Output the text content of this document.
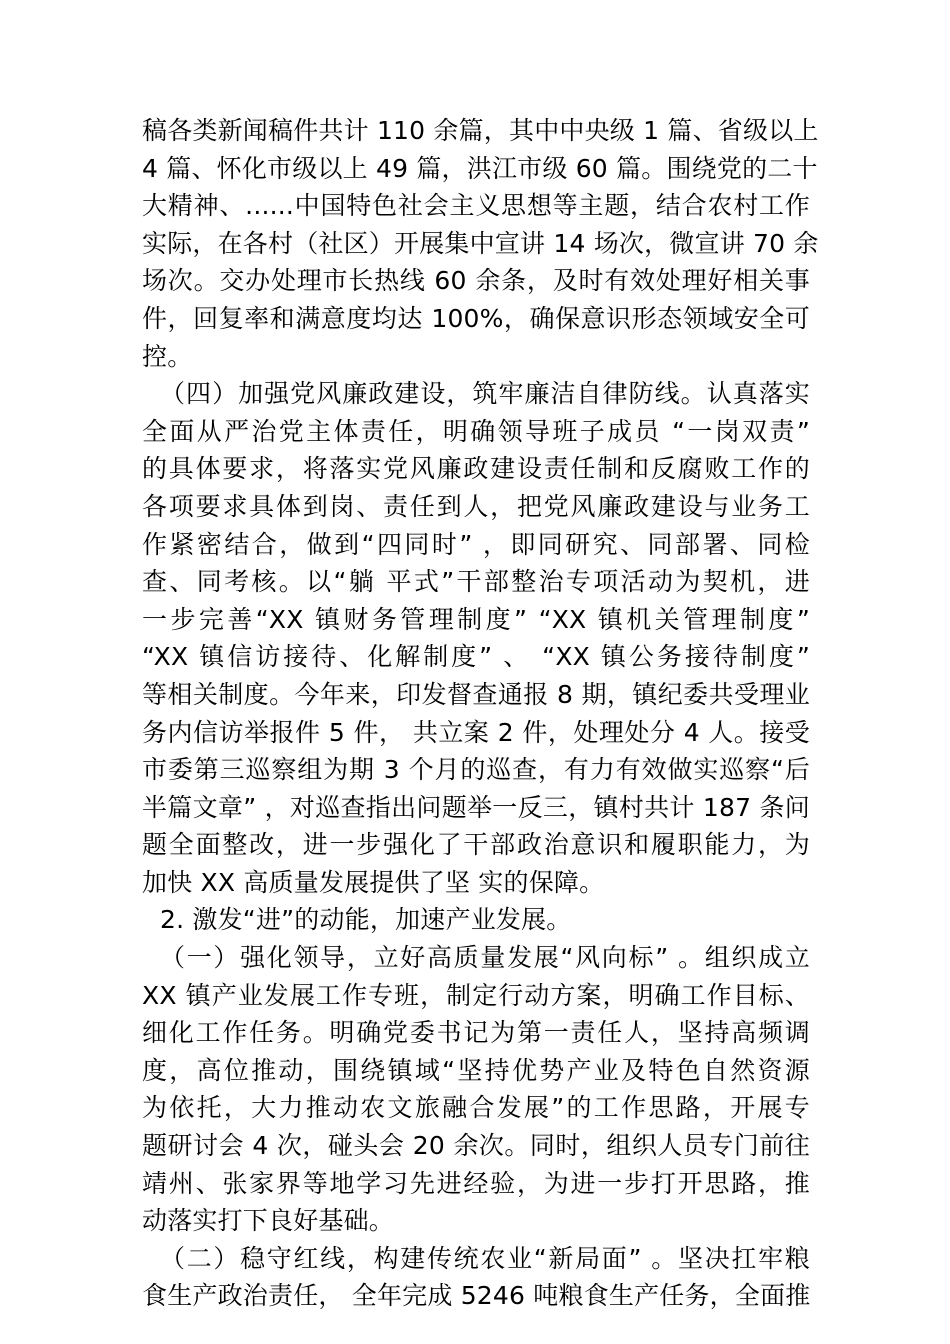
稿各类新闻稿件共计 110 余篇，其中中央级 1 篇、省级以上
4 篇、怀化市级以上 49 篇，洪江市级 60 篇。围绕党的二十
大精神、......中国特色社会主义思想等主题，结合农村工作
实际，在各村（社区）开展集中宣讲 14 场次，微宣讲 70 余
场次。交办处理市长热线 60 余条，及时有效处理好相关事
件，回复率和满意度均达 100%，确保意识形态领域安全可
控。
（四）加强党风廉政建设，筑牢廉洁自律防线。认真落实
全面从严治党主体责任，明确领导班子成员 “一岗双责”
的具体要求，将落实党风廉政建设责任制和反腐败工作的
各项要求具体到岗、责任到人，把党风廉政建设与业务工
作紧密结合，做到“四同时” ，即同研究、同部署、同检
查、同考核。以“躺 平式”干部整治专项活动为契机，进
一步完善“XX 镇财务管理制度” “XX 镇机关管理制度”
“XX 镇信访接待、化解制度” 、 “XX 镇公务接待制度”
等相关制度。今年来，印发督查通报 8 期，镇纪委共受理业
务内信访举报件 5 件， 共立案 2 件，处理处分 4 人。接受
市委第三巡察组为期 3 个月的巡查，有力有效做实巡察“后
半篇文章” ，对巡查指出问题举一反三，镇村共计 187 条问
题全面整改，进一步强化了干部政治意识和履职能力，为
加快 XX 高质量发展提供了坚 实的保障。
2. 激发“进”的动能，加速产业发展。
（一）强化领导，立好高质量发展“风向标” 。组织成立
XX 镇产业发展工作专班，制定行动方案，明确工作目标、
细化工作任务。明确党委书记为第一责任人，坚持高频调
度，高位推动，围绕镇域“坚持优势产业及特色自然资源
为依托，大力推动农文旅融合发展”的工作思路，开展专
题研讨会 4 次，碰头会 20 余次。同时，组织人员专门前往
靖州、张家界等地学习先进经验，为进一步打开思路，推
动落实打下良好基础。
（二）稳守红线，构建传统农业“新局面” 。坚决扛牢粮
食生产政治责任， 全年完成 5246 吨粮食生产任务，全面推
